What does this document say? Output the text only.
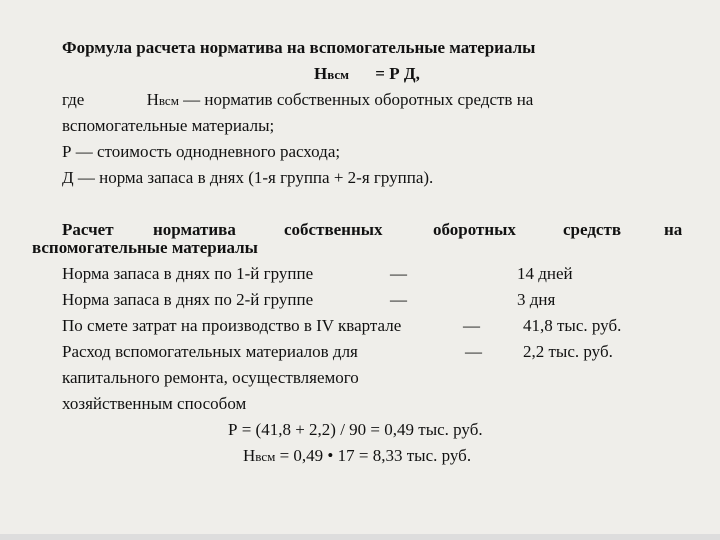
Формула расчета норматива на вспомогательные материалы
Нвсм = Р Д,
где	Нвсм — норматив собственных оборотных средств на
вспомогательные материалы;
Р — стоимость однодневного расхода;
Д — норма запаса в днях (1-я группа + 2-я группа).
Расчет норматива	собственных	оборотных	средств	на
вспомогательные материалы
Норма запаса в днях по 1-й группе	—	14 дней
Норма запаса в днях по 2-й группе	—	3 дня
По смете затрат на производство в IV квартале	—	41,8 тыс. руб.
Расход вспомогательных материалов для	— 2,2 тыс. руб.
капитального ремонта, осуществляемого
хозяйственным способом
Р = (41,8 + 2,2) / 90 = 0,49 тыс. руб.
Нвсм = 0,49 • 17 = 8,33 тыс. руб.
